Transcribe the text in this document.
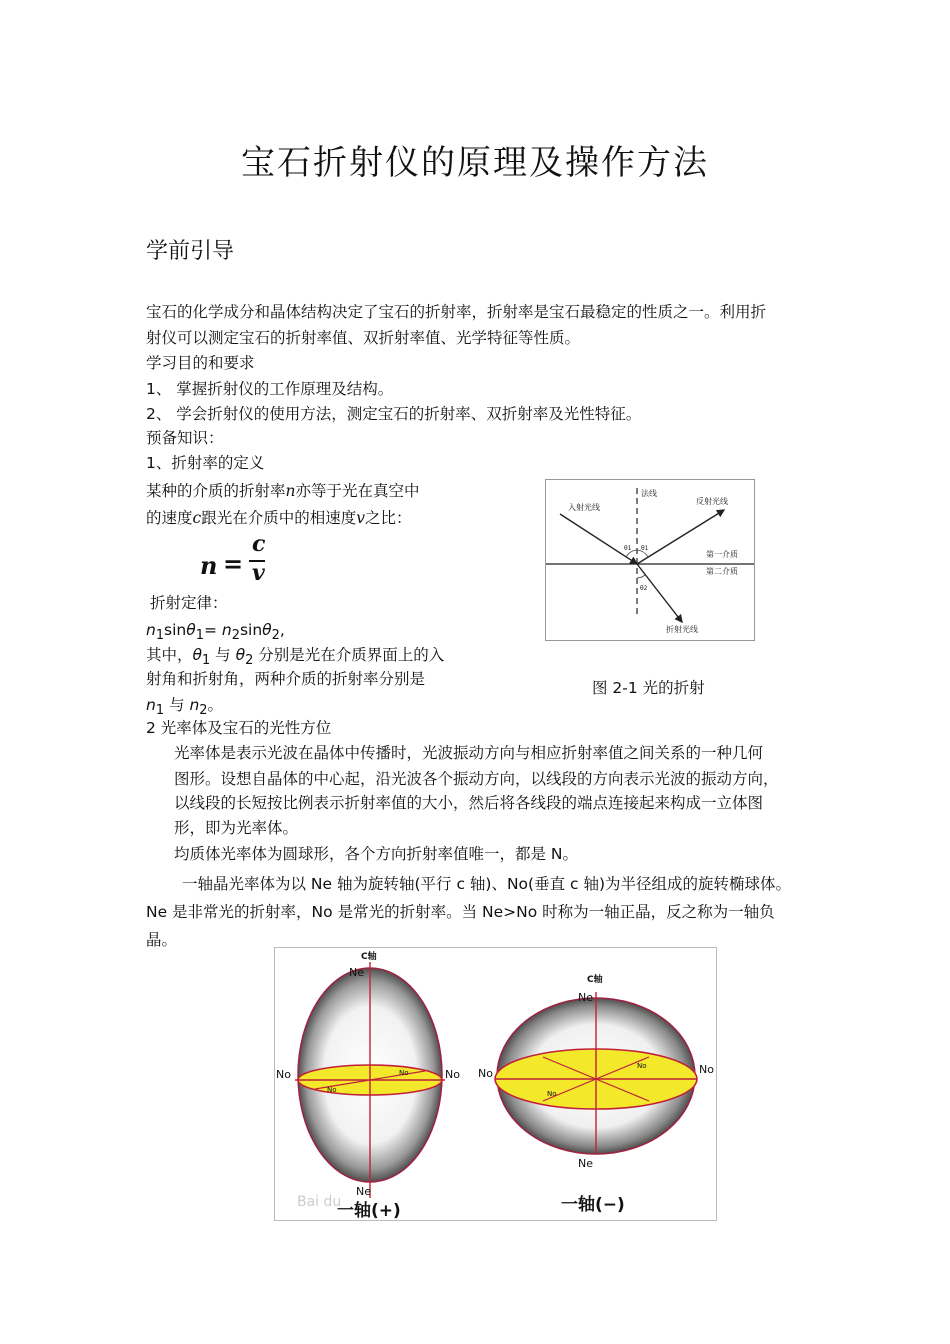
宝石折射仪的原理及操作方法
学前引导
宝石的化学成分和晶体结构决定了宝石的折射率，折射率是宝石最稳定的性质之一。利用折
射仪可以测定宝石的折射率值、双折射率值、光学特征等性质。
学习目的和要求
1、 掌握折射仪的工作原理及结构。
2、 学会折射仪的使用方法，测定宝石的折射率、双折射率及光性特征。
预备知识：
1、折射率的定义
某种的介质的折射率n亦等于光在真空中
的速度c跟光在介质中的相速度v之比：
n =
c
v
折射定律：
$n_1\sin\theta_1= n_2\sin\theta_2$,
其中，$\theta_1$ 与 $\theta_2$ 分别是光在介质界面上的入
射角和折射角，两种介质的折射率分别是
$n_1$ 与 $n_2$。
法线
入射光线
反射光线
第一介质
第二介质
折射光线
θ1 θ1
θ2
图 2-1 光的折射
2 光率体及宝石的光性方位
光率体是表示光波在晶体中传播时，光波振动方向与相应折射率值之间关系的一种几何
图形。设想自晶体的中心起，沿光波各个振动方向，以线段的方向表示光波的振动方向，
以线段的长短按比例表示折射率值的大小，然后将各线段的端点连接起来构成一立体图
形，即为光率体。
均质体光率体为圆球形，各个方向折射率值唯一，都是 N。
一轴晶光率体为以 Ne 轴为旋转轴(平行 c 轴)、No(垂直 c 轴)为半径组成的旋转椭球体。
Ne 是非常光的折射率，No 是常光的折射率。当 Ne>No 时称为一轴正晶，反之称为一轴负
晶。
C轴
Ne
Ne
No	No
No
No
Bai du
一轴(+)
C轴
Ne
Ne
No	No
No
No
一轴(−)
